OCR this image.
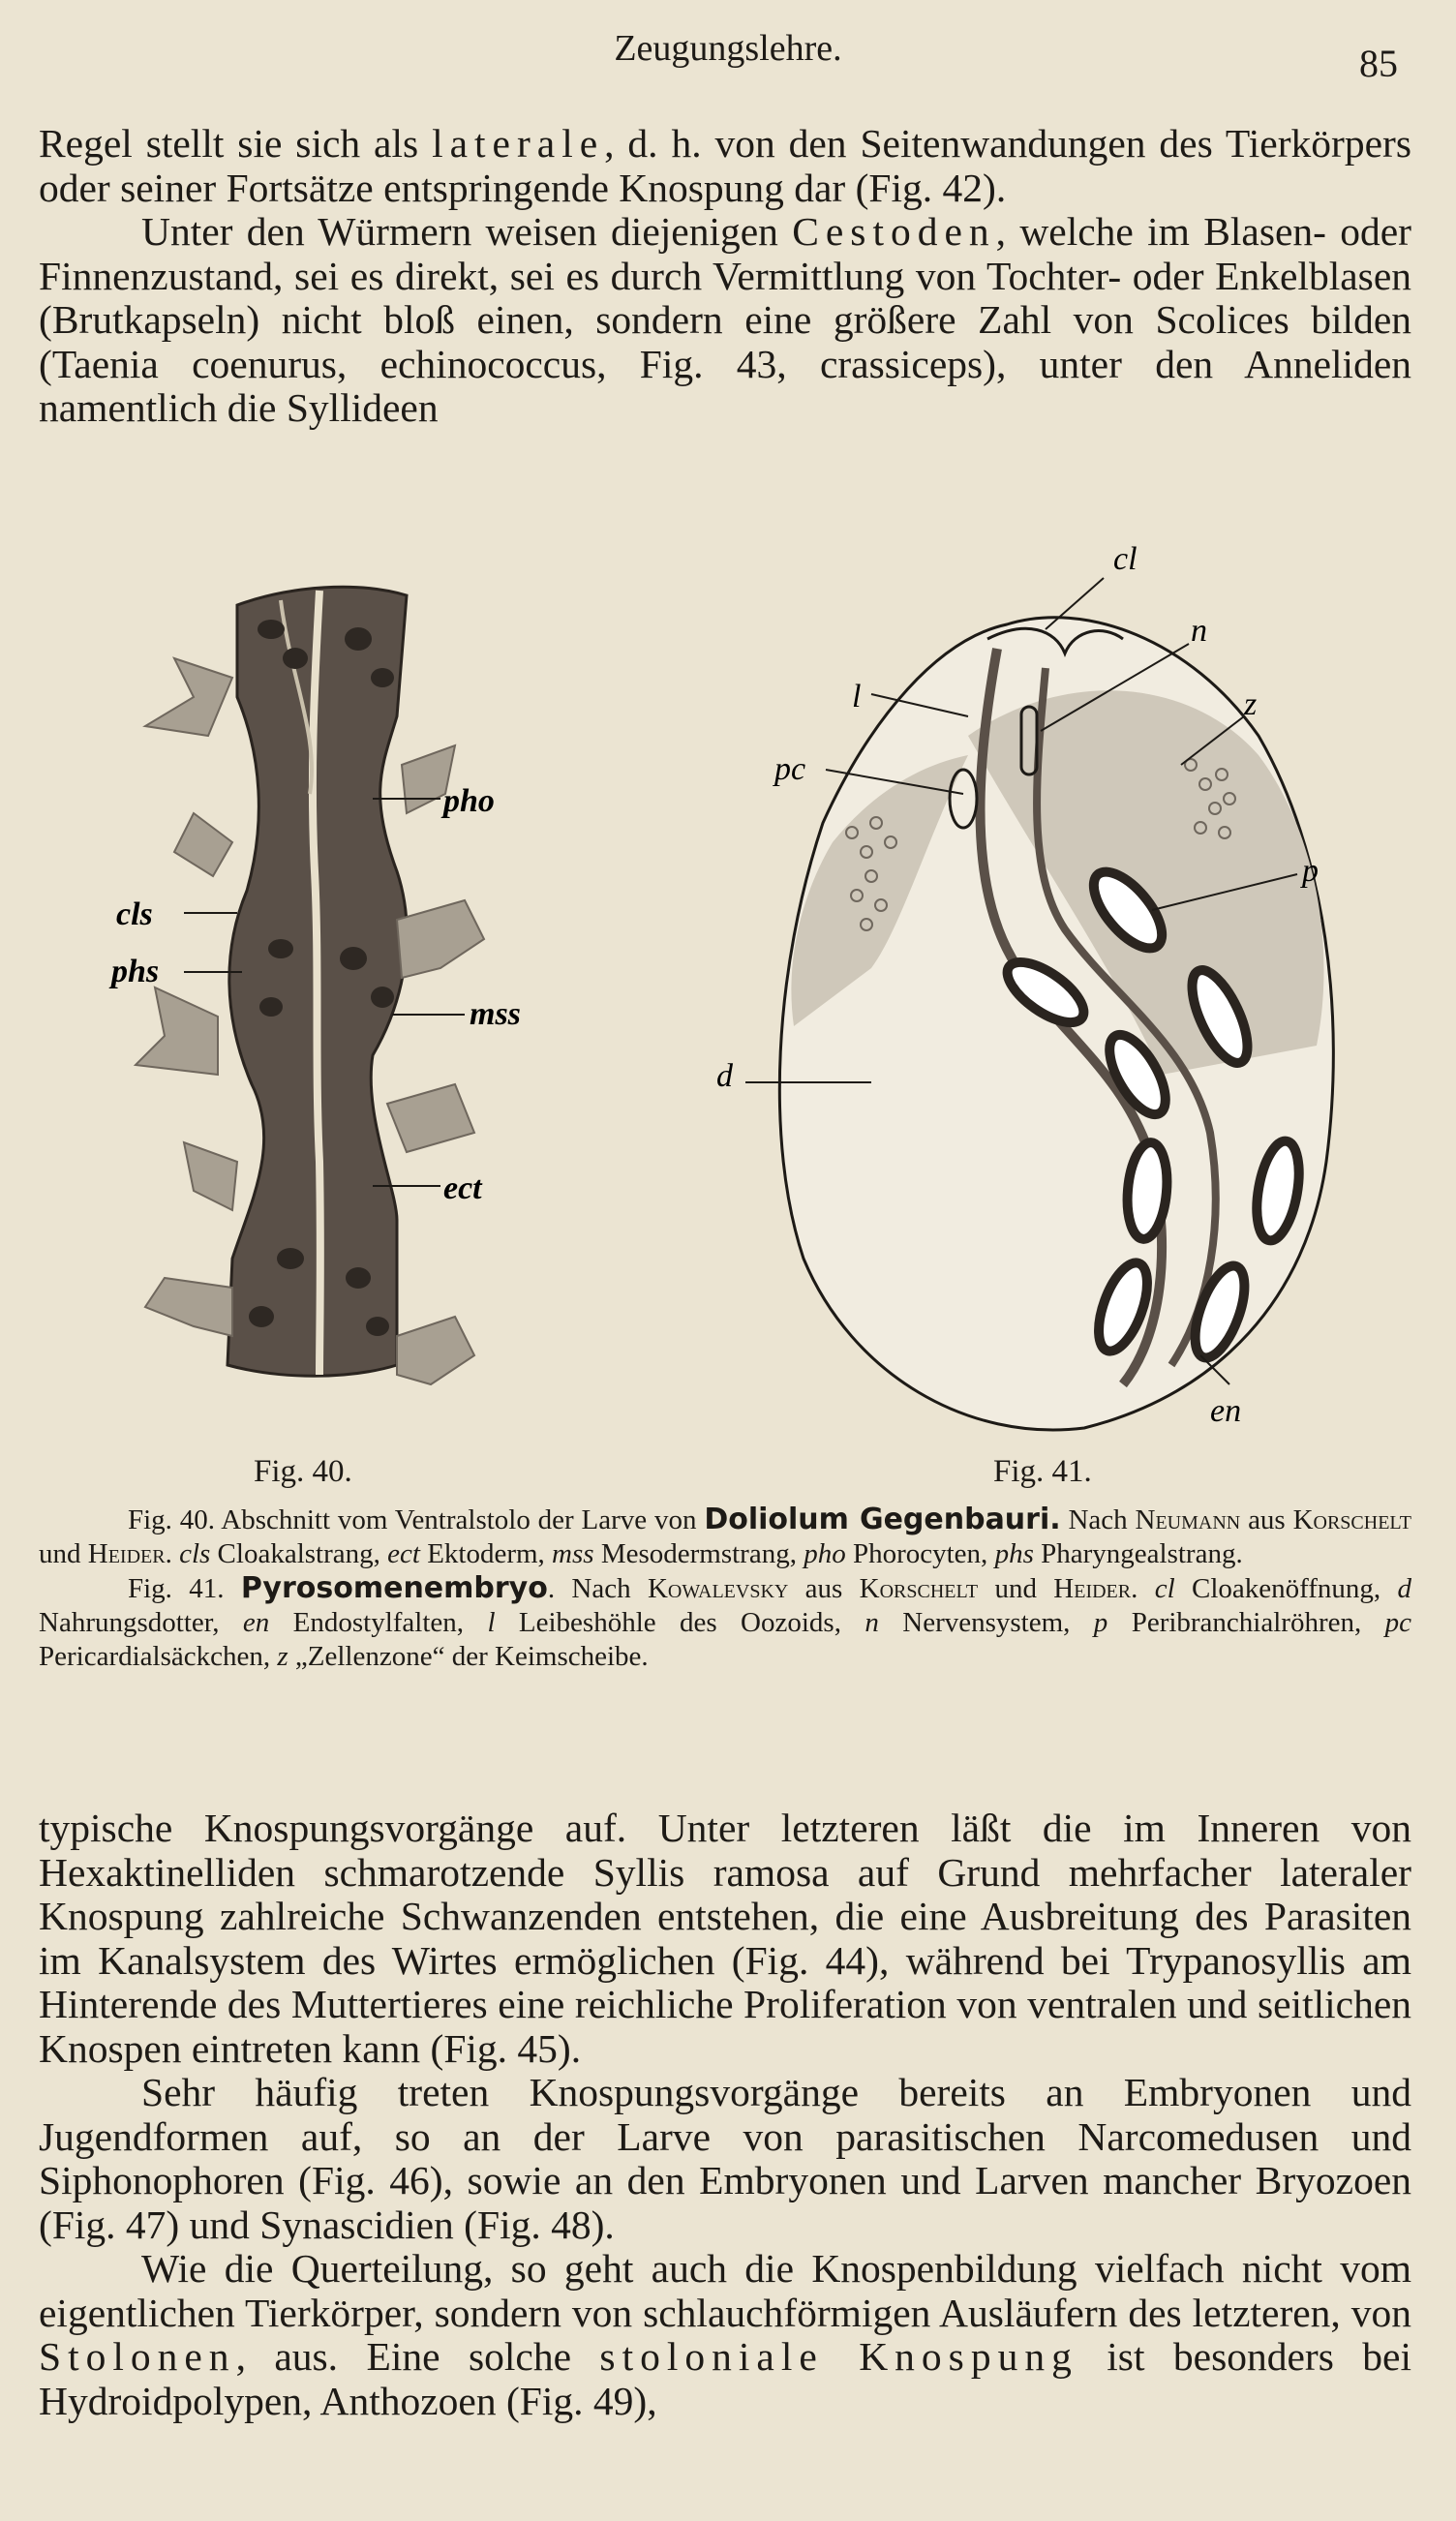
Zeugungslehre.	85

Regel stellt sie sich als laterale, d. h. von den Seitenwandungen des Tierkörpers oder seiner Fortsätze entspringende Knospung dar (Fig. 42).

Unter den Würmern weisen diejenigen Cestoden, welche im Blasen- oder Finnenzustand, sei es direkt, sei es durch Vermittlung von Tochter- oder Enkelblasen (Brutkapseln) nicht bloß einen, sondern eine größere Zahl von Scolices bilden (Taenia coenurus, echinococcus, Fig. 43, crassiceps), unter den Anneliden namentlich die Syllideen

pho
cls
phs
mss
ect
cl
n
l	z
pc
p
d
en
Fig. 40.	Fig. 41.

Fig. 40. Abschnitt vom Ventralstolo der Larve von Doliolum Gegenbauri. Nach Neumann aus Korschelt und Heider. cls Cloakalstrang, ect Ektoderm, mss Mesodermstrang, pho Phorocyten, phs Pharyngealstrang.

Fig. 41. Pyrosomenembryo. Nach Kowalevsky aus Korschelt und Heider. cl Cloakenöffnung, d Nahrungsdotter, en Endostylfalten, l Leibeshöhle des Oozoids, n Nervensystem, p Peribranchialröhren, pc Pericardialsäckchen, z „Zellenzone“ der Keimscheibe.

typische Knospungsvorgänge auf. Unter letzteren läßt die im Inneren von Hexaktinelliden schmarotzende Syllis ramosa auf Grund mehrfacher lateraler Knospung zahlreiche Schwanzenden entstehen, die eine Ausbreitung des Parasiten im Kanalsystem des Wirtes ermöglichen (Fig. 44), während bei Trypanosyllis am Hinterende des Muttertieres eine reichliche Proliferation von ventralen und seitlichen Knospen eintreten kann (Fig. 45).

Sehr häufig treten Knospungsvorgänge bereits an Embryonen und Jugendformen auf, so an der Larve von parasitischen Narcomedusen und Siphonophoren (Fig. 46), sowie an den Embryonen und Larven mancher Bryozoen (Fig. 47) und Synascidien (Fig. 48).

Wie die Querteilung, so geht auch die Knospenbildung vielfach nicht vom eigentlichen Tierkörper, sondern von schlauchförmigen Ausläufern des letzteren, von Stolonen, aus. Eine solche stoloniale Knospung ist besonders bei Hydroidpolypen, Anthozoen (Fig. 49),
